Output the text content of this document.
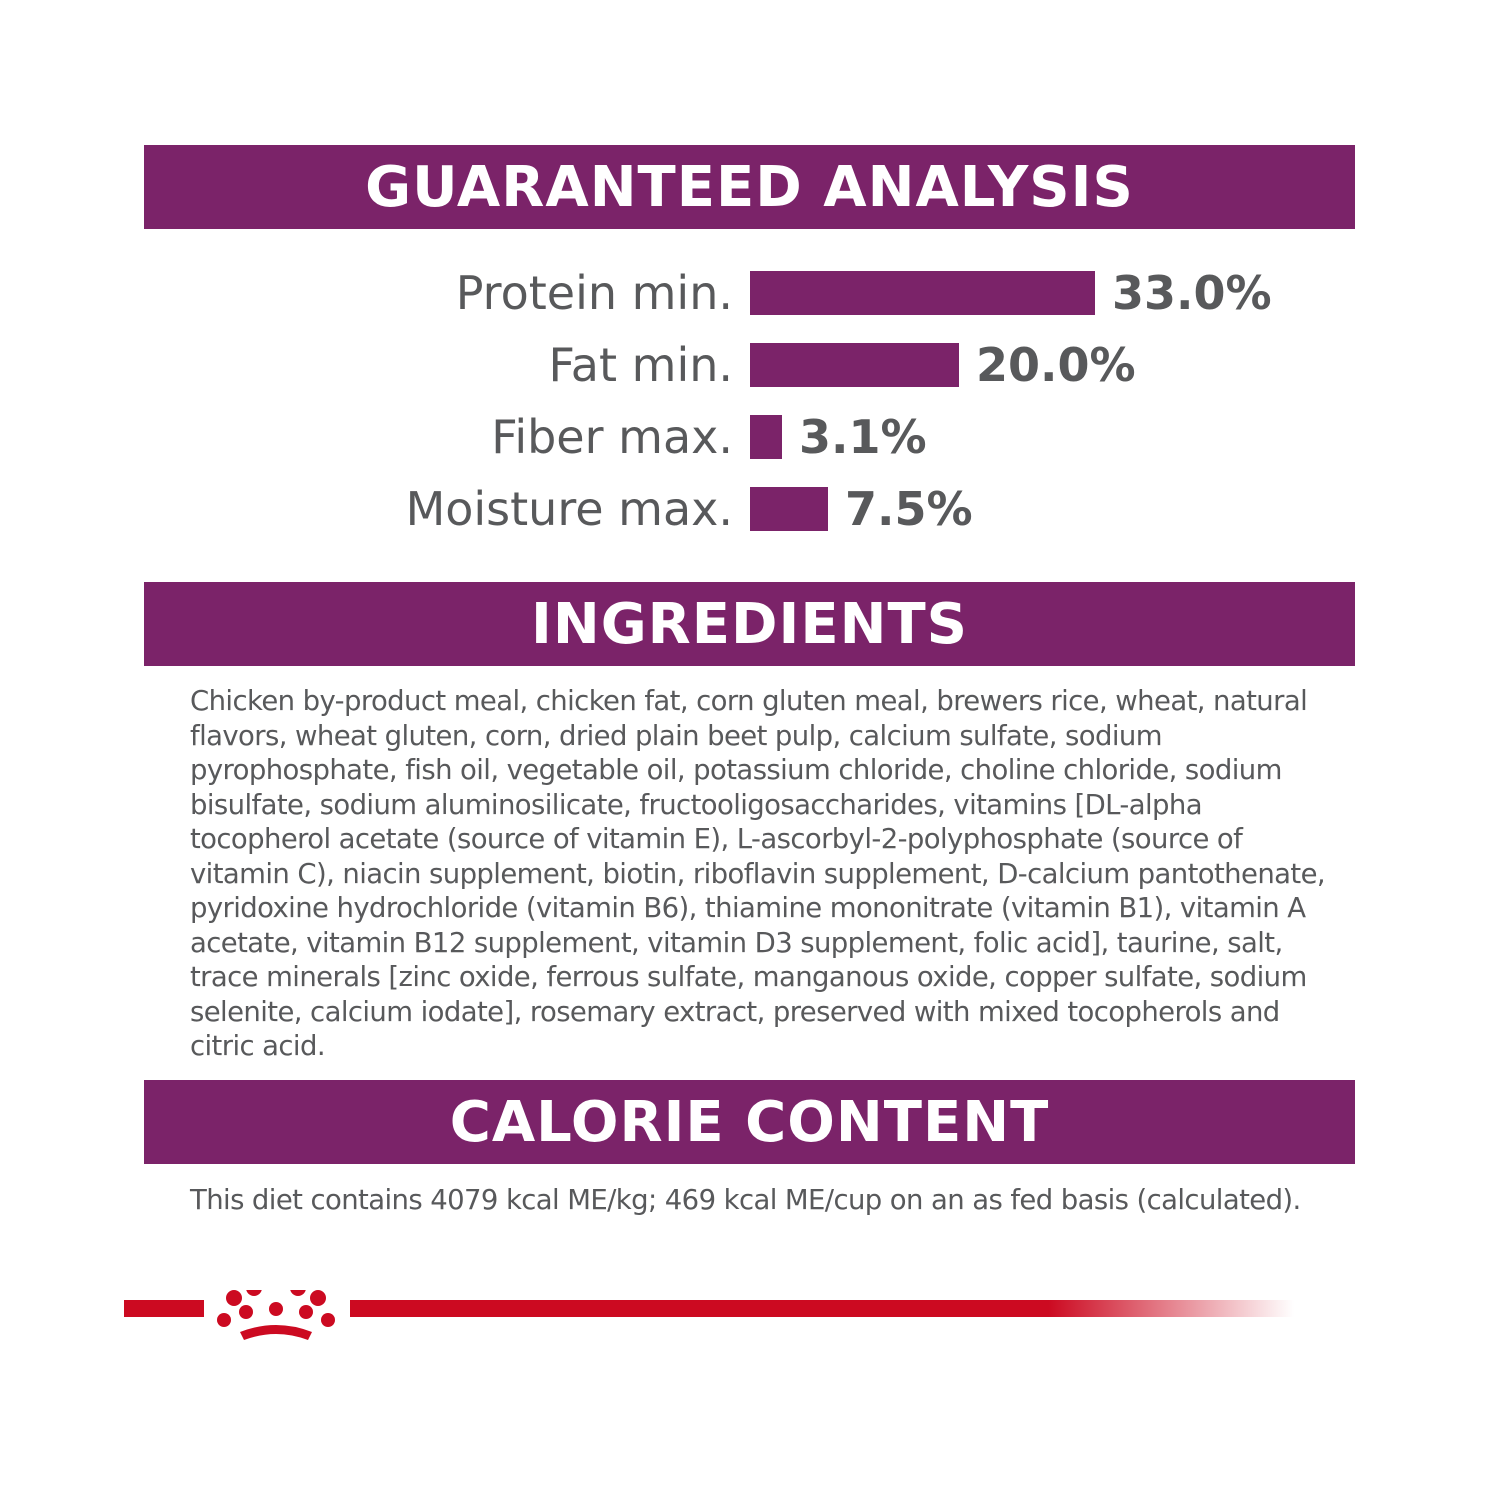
GUARANTEED ANALYSIS
Protein min.	33.0%
Fat min.	20.0%
Fiber max. 3.1%
Moisture max. 7.5%
INGREDIENTS

Chicken by-product meal, chicken fat, corn gluten meal, brewers rice, wheat, natural flavors, wheat gluten, corn, dried plain beet pulp, calcium sulfate, sodium pyrophosphate, fish oil, vegetable oil, potassium chloride, choline chloride, sodium bisulfate, sodium aluminosilicate, fructooligosaccharides, vitamins [DL-alpha tocopherol acetate (source of vitamin E), L-ascorbyl-2-polyphosphate (source of vitamin C), niacin supplement, biotin, riboflavin supplement, D-calcium pantothenate, pyridoxine hydrochloride (vitamin B6), thiamine mononitrate (vitamin B1), vitamin A acetate, vitamin B12 supplement, vitamin D3 supplement, folic acid], taurine, salt, trace minerals [zinc oxide, ferrous sulfate, manganous oxide, copper sulfate, sodium selenite, calcium iodate], rosemary extract, preserved with mixed tocopherols and citric acid.

CALORIE CONTENT

This diet contains 4079 kcal ME/kg; 469 kcal ME/cup on an as fed basis (calculated).
